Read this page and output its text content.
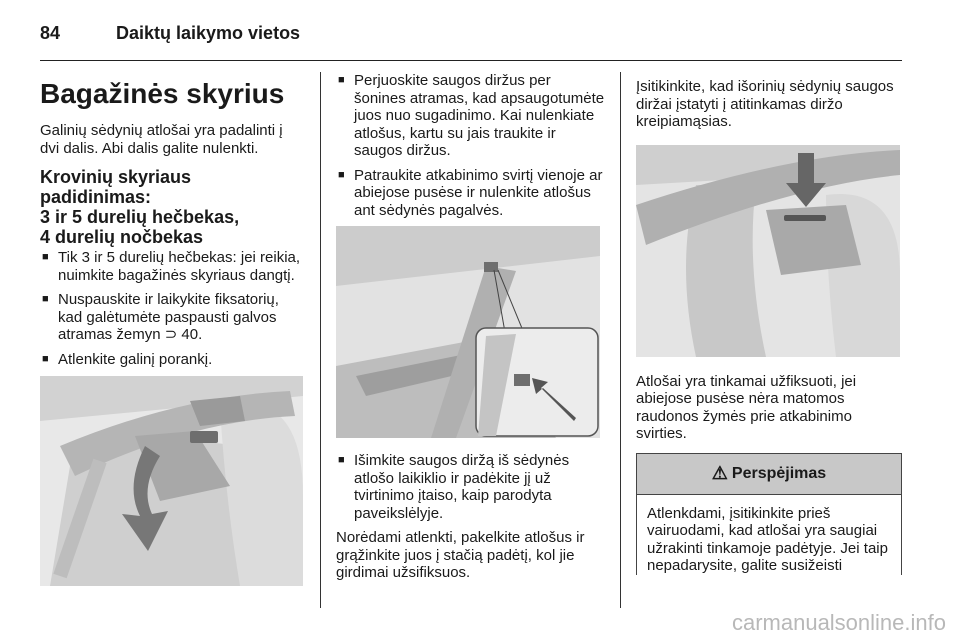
84	Daiktų laikymo vietos
Bagažinės skyrius

Galinių sėdynių atlošai yra padalinti į dvi dalis. Abi dalis galite nulenkti.

Krovinių skyriaus padidinimas:
3 ir 5 durelių hečbekas,
4 durelių nočbekas
■ Tik 3 ir 5 durelių hečbekas: jei reikia, nuimkite bagažinės skyriaus dangtį.
■ Nuspauskite ir laikykite fiksatorių, kad galėtumėte paspausti galvos atramas žemyn ⊃ 40.
■ Atlenkite galinį porankį.
■ Perjuoskite saugos diržus per šonines atramas, kad apsaugotumėte juos nuo sugadinimo. Kai nulenkiate atlošus, kartu su jais traukite ir saugos diržus.
■ Patraukite atkabinimo svirtį vienoje ar abiejose pusėse ir nulenkite atlošus ant sėdynės pagalvės.
■ Išimkite saugos diržą iš sėdynės atlošo laikiklio ir padėkite jį už tvirtinimo įtaiso, kaip parodyta paveikslėlyje.

Norėdami atlenkti, pakelkite atlošus ir grąžinkite juos į stačią padėtį, kol jie girdimai užsifiksuos.

Įsitikinkite, kad išorinių sėdynių saugos diržai įstatyti į atitinkamas diržo kreipiamąsias.

Atlošai yra tinkamai užfiksuoti, jei abiejose pusėse nėra matomos raudonos žymės prie atkabinimo svirties.

⚠ Perspėjimas
Atlenkdami, įsitikinkite prieš vairuodami, kad atlošai yra saugiai užrakinti tinkamoje padėtyje. Jei taip nepadarysite, galite susižeisti
carmanualsonline.info
